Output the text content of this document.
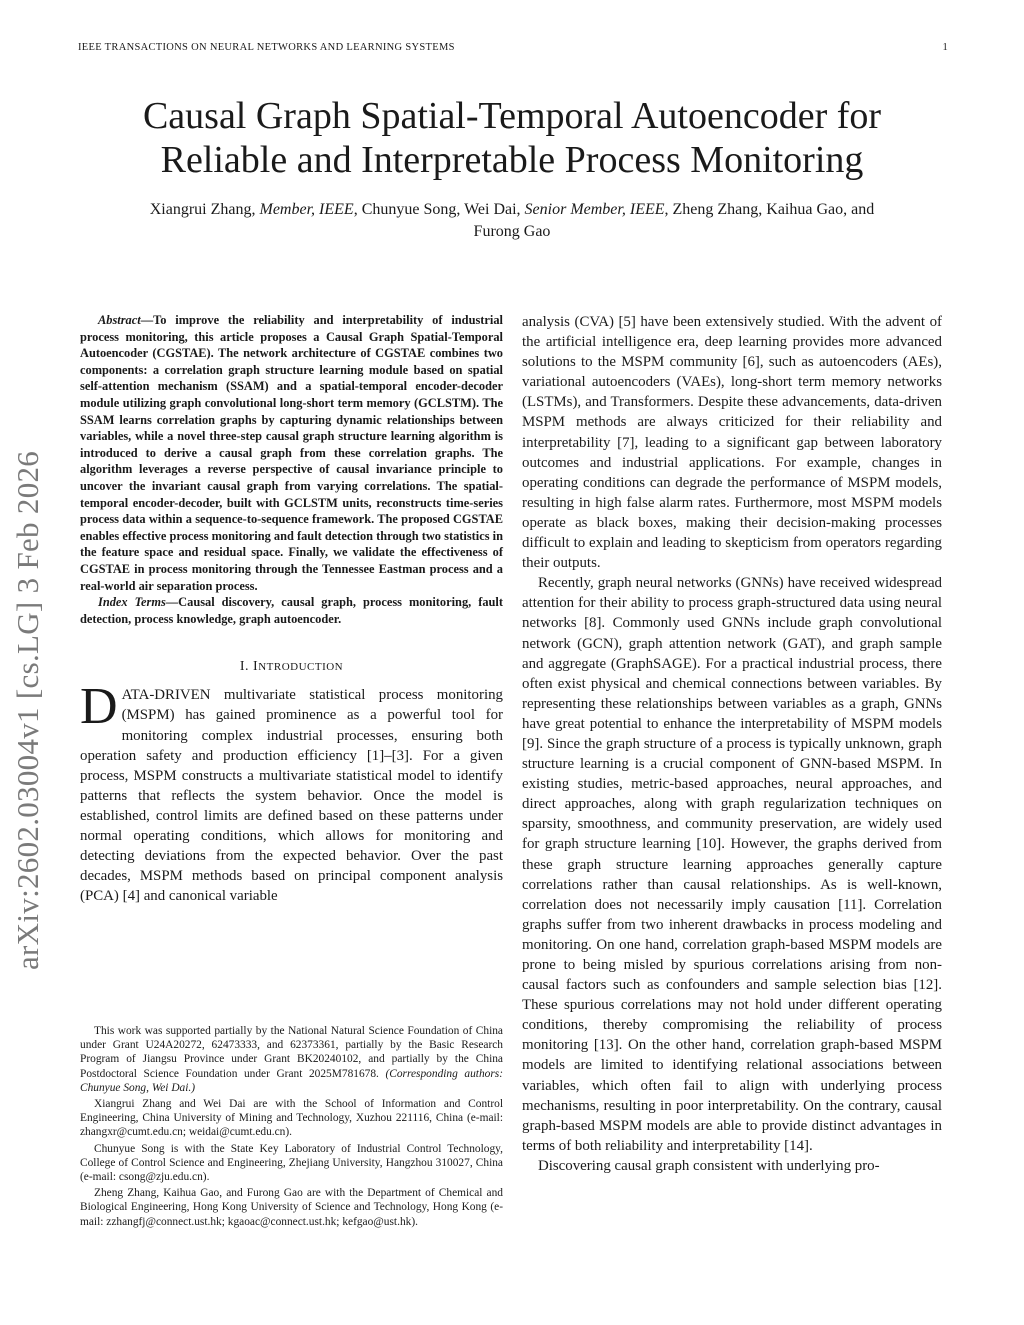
IEEE TRANSACTIONS ON NEURAL NETWORKS AND LEARNING SYSTEMS	1
Causal Graph Spatial-Temporal Autoencoder for
Reliable and Interpretable Process Monitoring
Xiangrui Zhang, Member, IEEE, Chunyue Song, Wei Dai, Senior Member, IEEE, Zheng Zhang, Kaihua Gao, and
Furong Gao
arXiv:2602.03004v1 [cs.LG] 3 Feb 2026

Abstract—To improve the reliability and interpretability of industrial process monitoring, this article proposes a Causal Graph Spatial-Temporal Autoencoder (CGSTAE). The network architecture of CGSTAE combines two components: a correlation graph structure learning module based on spatial self-attention mechanism (SSAM) and a spatial-temporal encoder-decoder module utilizing graph convolutional long-short term memory (GCLSTM). The SSAM learns correlation graphs by capturing dynamic relationships between variables, while a novel three-step causal graph structure learning algorithm is introduced to derive a causal graph from these correlation graphs. The algorithm leverages a reverse perspective of causal invariance principle to uncover the invariant causal graph from varying correlations. The spatial-temporal encoder-decoder, built with GCLSTM units, reconstructs time-series process data within a sequence-to-sequence framework. The proposed CGSTAE enables effective process monitoring and fault detection through two statistics in the feature space and residual space. Finally, we validate the effectiveness of CGSTAE in process monitoring through the Tennessee Eastman process and a real-world air separation process.

Index Terms—Causal discovery, causal graph, process monitoring, fault detection, process knowledge, graph autoencoder.

I. INTRODUCTION

DATA-DRIVEN multivariate statistical process monitoring (MSPM) has gained prominence as a powerful tool for monitoring complex industrial processes, ensuring both operation safety and production efficiency [1]–[3]. For a given process, MSPM constructs a multivariate statistical model to identify patterns that reflects the system behavior. Once the model is established, control limits are defined based on these patterns under normal operating conditions, which allows for monitoring and detecting deviations from the expected behavior. Over the past decades, MSPM methods based on principal component analysis (PCA) [4] and canonical variable

This work was supported partially by the National Natural Science Foundation of China under Grant U24A20272, 62473333, and 62373361, partially by the Basic Research Program of Jiangsu Province under Grant BK20240102, and partially by the China Postdoctoral Science Foundation under Grant 2025M781678. (Corresponding authors: Chunyue Song, Wei Dai.)

Xiangrui Zhang and Wei Dai are with the School of Information and Control Engineering, China University of Mining and Technology, Xuzhou 221116, China (e-mail: zhangxr@cumt.edu.cn; weidai@cumt.edu.cn).

Chunyue Song is with the State Key Laboratory of Industrial Control Technology, College of Control Science and Engineering, Zhejiang University, Hangzhou 310027, China (e-mail: csong@zju.edu.cn).

Zheng Zhang, Kaihua Gao, and Furong Gao are with the Department of Chemical and Biological Engineering, Hong Kong University of Science and Technology, Hong Kong (e-mail: zzhangfj@connect.ust.hk; kgaoac@connect.ust.hk; kefgao@ust.hk).

analysis (CVA) [5] have been extensively studied. With the advent of the artificial intelligence era, deep learning provides more advanced solutions to the MSPM community [6], such as autoencoders (AEs), variational autoencoders (VAEs), long-short term memory networks (LSTMs), and Transformers. Despite these advancements, data-driven MSPM methods are always criticized for their reliability and interpretability [7], leading to a significant gap between laboratory outcomes and industrial applications. For example, changes in operating conditions can degrade the performance of MSPM models, resulting in high false alarm rates. Furthermore, most MSPM models operate as black boxes, making their decision-making processes difficult to explain and leading to skepticism from operators regarding their outputs.

Recently, graph neural networks (GNNs) have received widespread attention for their ability to process graph-structured data using neural networks [8]. Commonly used GNNs include graph convolutional network (GCN), graph attention network (GAT), and graph sample and aggregate (GraphSAGE). For a practical industrial process, there often exist physical and chemical connections between variables. By representing these relationships between variables as a graph, GNNs have great potential to enhance the interpretability of MSPM models [9]. Since the graph structure of a process is typically unknown, graph structure learning is a crucial component of GNN-based MSPM. In existing studies, metric-based approaches, neural approaches, and direct approaches, along with graph regularization techniques on sparsity, smoothness, and community preservation, are widely used for graph structure learning [10]. However, the graphs derived from these graph structure learning approaches generally capture correlations rather than causal relationships. As is well-known, correlation does not necessarily imply causation [11]. Correlation graphs suffer from two inherent drawbacks in process modeling and monitoring. On one hand, correlation graph-based MSPM models are prone to being misled by spurious correlations arising from non-causal factors such as confounders and sample selection bias [12]. These spurious correlations may not hold under different operating conditions, thereby compromising the reliability of process monitoring [13]. On the other hand, correlation graph-based MSPM models are limited to identifying relational associations between variables, which often fail to align with underlying process mechanisms, resulting in poor interpretability. On the contrary, causal graph-based MSPM models are able to provide distinct advantages in terms of both reliability and interpretability [14].

Discovering causal graph consistent with underlying pro-
